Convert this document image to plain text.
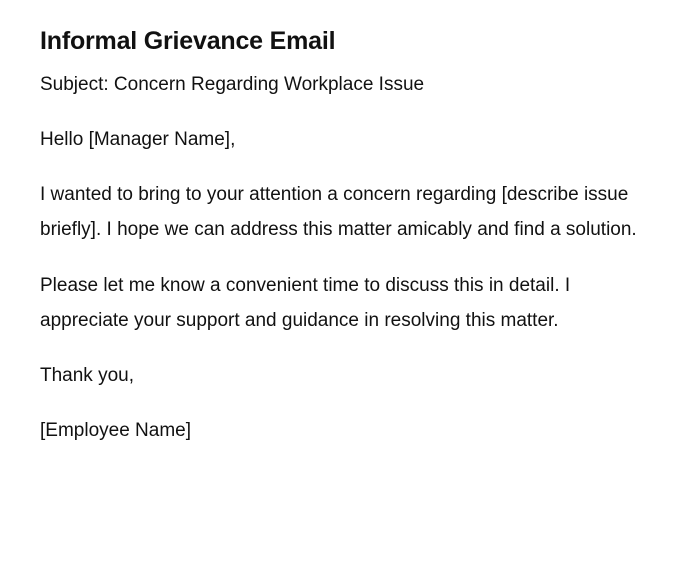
Informal Grievance Email

Subject: Concern Regarding Workplace Issue

Hello [Manager Name],

I wanted to bring to your attention a concern regarding [describe issue briefly]. I hope we can address this matter amicably and find a solution.

Please let me know a convenient time to discuss this in detail. I appreciate your support and guidance in resolving this matter.

Thank you,

[Employee Name]
